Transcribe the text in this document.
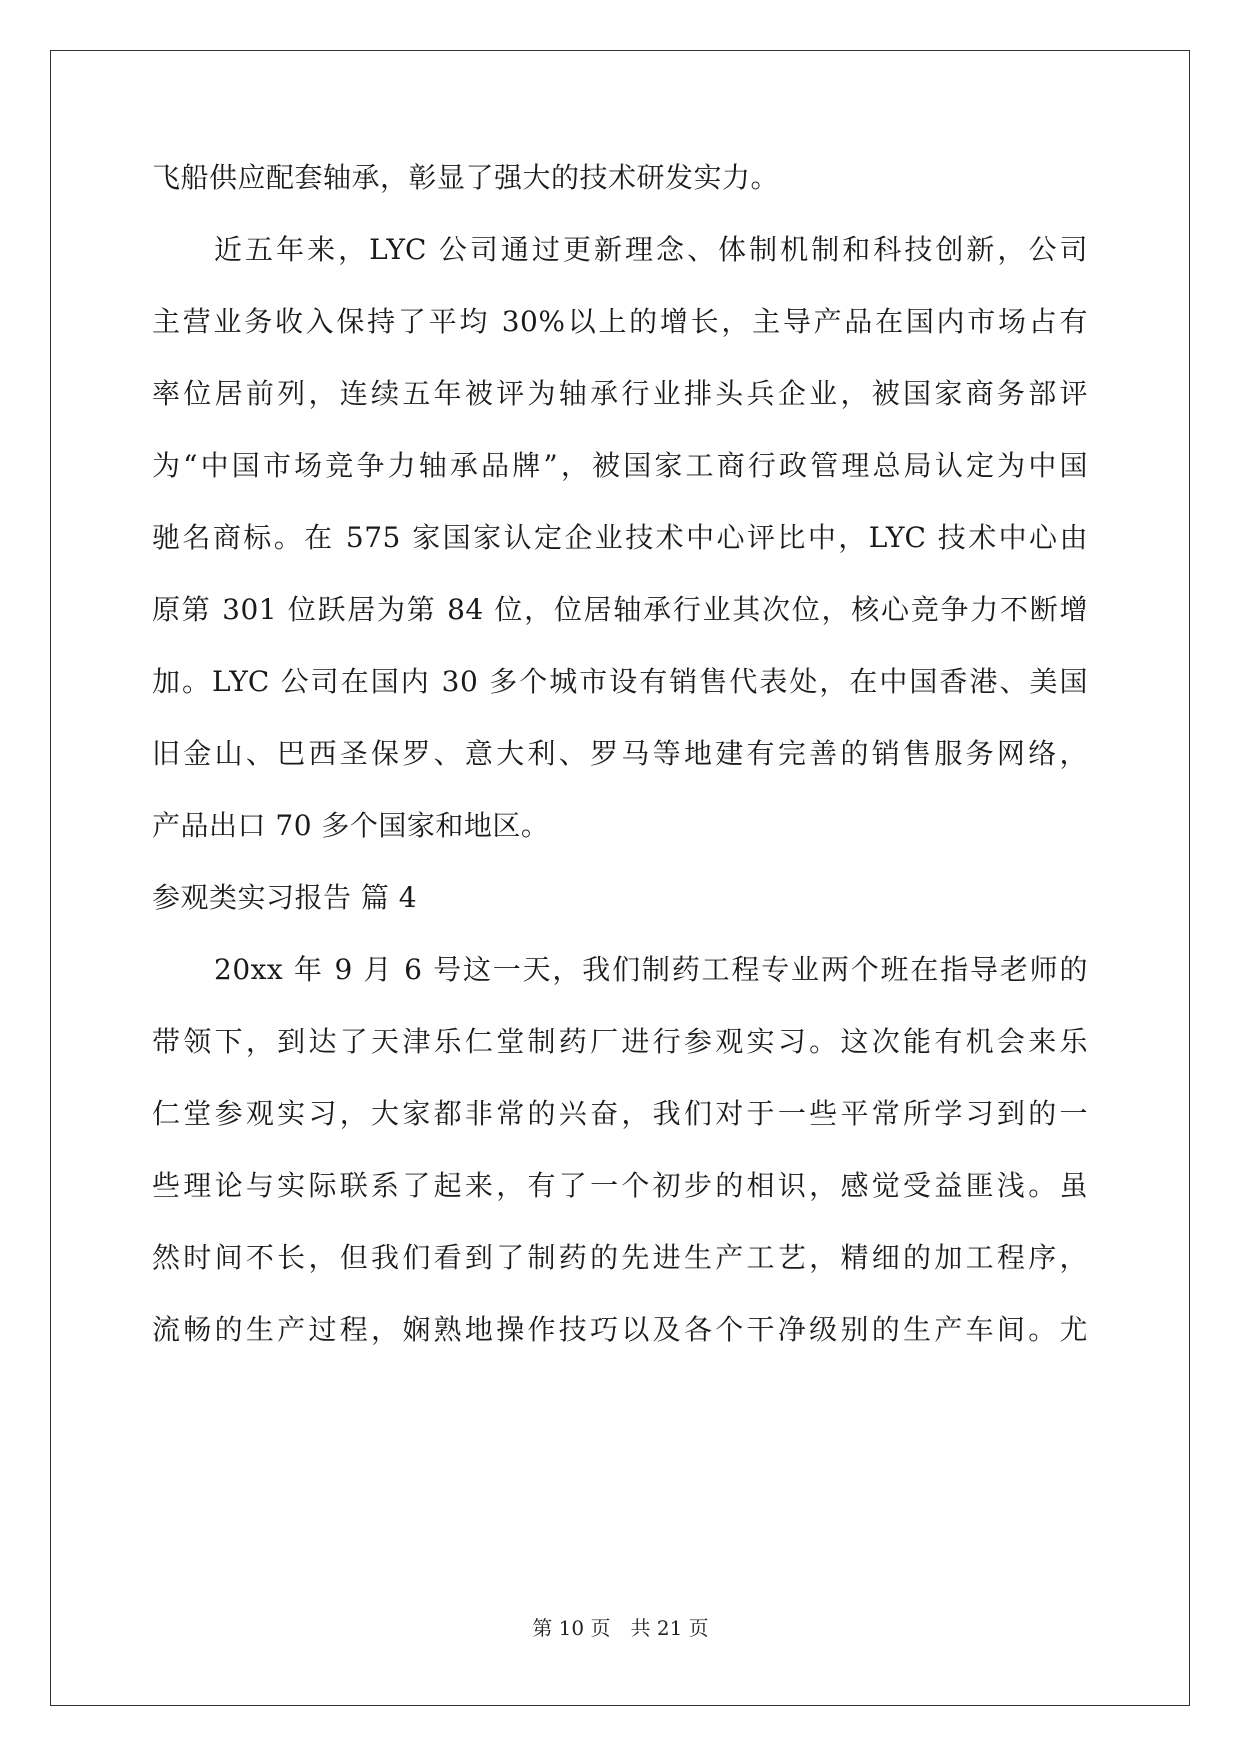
飞船供应配套轴承，彰显了强大的技术研发实力。
近五年来，LYC 公司通过更新理念、体制机制和科技创新，公司
主营业务收入保持了平均 30%以上的增长，主导产品在国内市场占有
率位居前列，连续五年被评为轴承行业排头兵企业，被国家商务部评
为“中国市场竞争力轴承品牌”，被国家工商行政管理总局认定为中国
驰名商标。在 575 家国家认定企业技术中心评比中，LYC 技术中心由
原第 301 位跃居为第 84 位，位居轴承行业其次位，核心竞争力不断增
加。LYC 公司在国内 30 多个城市设有销售代表处，在中国香港、美国
旧金山、巴西圣保罗、意大利、罗马等地建有完善的销售服务网络，
产品出口 70 多个国家和地区。
参观类实习报告 篇 4
20xx 年 9 月 6 号这一天，我们制药工程专业两个班在指导老师的
带领下，到达了天津乐仁堂制药厂进行参观实习。这次能有机会来乐
仁堂参观实习，大家都非常的兴奋，我们对于一些平常所学习到的一
些理论与实际联系了起来，有了一个初步的相识，感觉受益匪浅。虽
然时间不长，但我们看到了制药的先进生产工艺，精细的加工程序，
流畅的生产过程，娴熟地操作技巧以及各个干净级别的生产车间。尤
第 10 页　共 21 页
